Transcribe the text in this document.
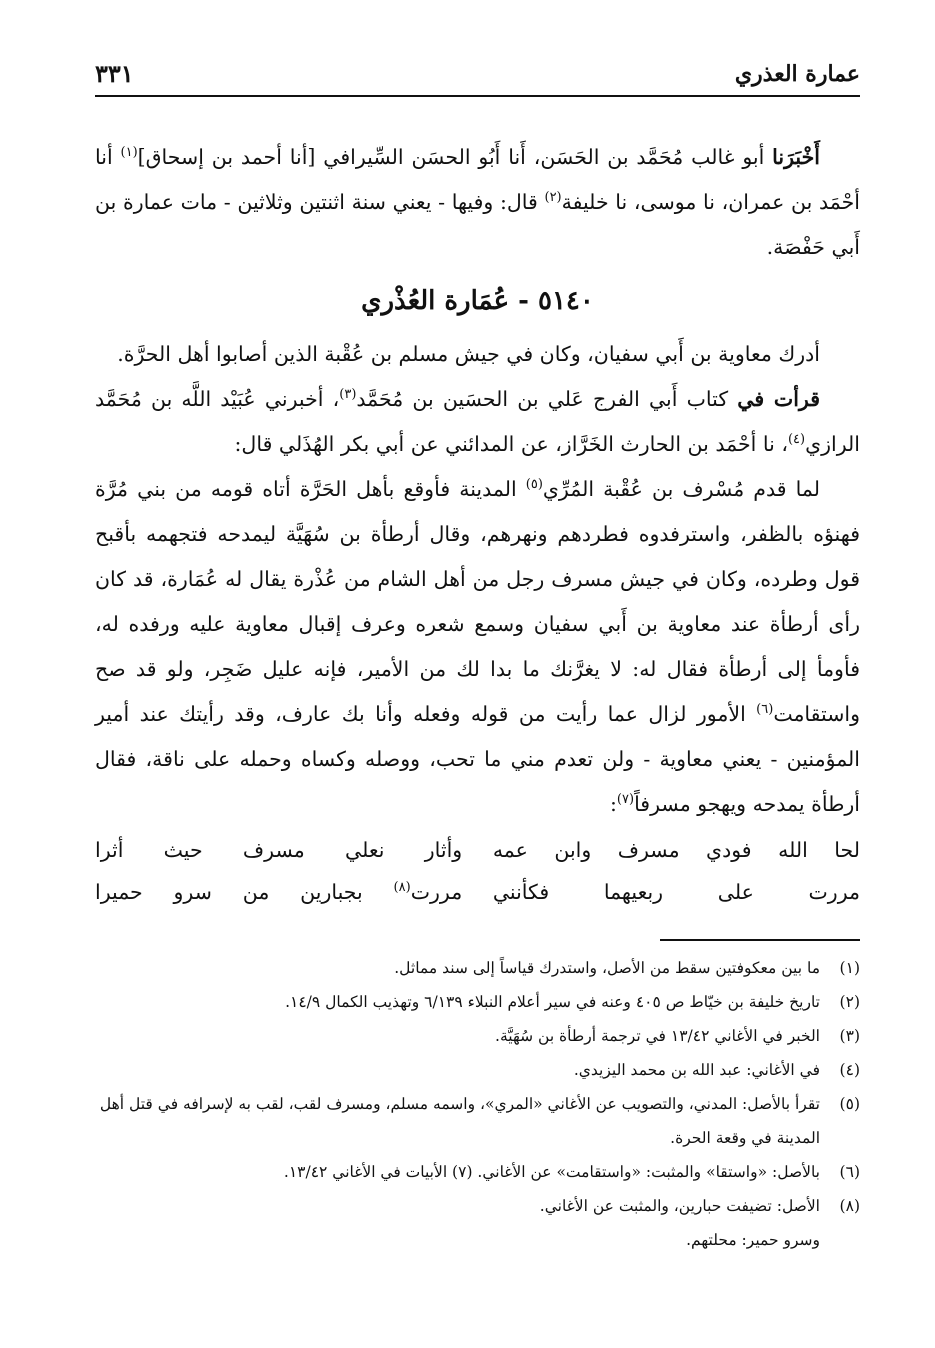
عمارة العذري
٣٣١

أَخْبَرَنا أبو غالب مُحَمَّد بن الحَسَن، أَنا أَبُو الحسَن السِّيرافي [أنا أحمد بن إسحاق]$^{(١)}$ أنا أحْمَد بن عمران، نا موسى، نا خليفة$^{(٢)}$ قال: وفيها - يعني سنة اثنتين وثلاثين - مات عمارة بن أَبي حَفْصَة.

٥١٤٠ - عُمَارة العُذْري

أدرك معاوية بن أَبي سفيان، وكان في جيش مسلم بن عُقْبة الذين أصابوا أهل الحرَّة.

قرأت في كتاب أَبي الفرج عَلي بن الحسَين بن مُحَمَّد$^{(٣)}$، أخبرني عُبَيْد اللَّه بن مُحَمَّد الرازي$^{(٤)}$، نا أحْمَد بن الحارث الخَرَّاز، عن المدائني عن أبي بكر الهُذَلي قال:

لما قدم مُسْرف بن عُقْبة المُرِّي$^{(٥)}$ المدينة فأوقع بأهل الحَرَّة أتاه قومه من بني مُرَّة فهنؤه بالظفر، واسترفدوه فطردهم ونهرهم، وقال أرطأة بن سُهَيَّة ليمدحه فتجهمه بأقبح قول وطرده، وكان في جيش مسرف رجل من أهل الشام من عُذْرة يقال له عُمَارة، قد كان رأى أرطأة عند معاوية بن أَبي سفيان وسمع شعره وعرف إقبال معاوية عليه ورفده له، فأومأ إلى أرطأة فقال له: لا يغرَّنك ما بدا لك من الأمير، فإنه عليل ضَجِر، ولو قد صح واستقامت$^{(٦)}$ الأمور لزال عما رأيت من قوله وفعله وأنا بك عارف، وقد رأيتك عند أمير المؤمنين - يعني معاوية - ولن تعدم مني ما تحب، ووصله وكساه وحمله على ناقة، فقال أرطأة يمدحه ويهجو مسرفاً$^{(٧)}$:

لحا الله فودي مسرف وابن عمه
وأثار نعلي مسرف حيث أثرا
مررت على ربعيهما فكأنني
مررت$^{(٨)}$ بجبارين من سرو حميرا
(١)
ما بين معكوفتين سقط من الأصل، واستدرك قياساً إلى سند مماثل.
(٢)
تاريخ خليفة بن خيّاط ص ٤٠٥ وعنه في سير أعلام النبلاء ٦/١٣٩ وتهذيب الكمال ١٤/٩.
(٣)
الخبر في الأغاني ١٣/٤٢ في ترجمة أرطأة بن سُهَيَّة.
(٤)
في الأغاني: عبد الله بن محمد اليزيدي.
(٥)
تقرأ بالأصل: المدني، والتصويب عن الأغاني «المري»، واسمه مسلم، ومسرف لقب، لقب به لإسرافه في قتل أهل المدينة في وقعة الحرة.
(٦)
بالأصل: «واستقا» والمثبت: «واستقامت» عن الأغاني. (٧) الأبيات في الأغاني ١٣/٤٢.
(٨)
الأصل: تضيفت حبارين، والمثبت عن الأغاني.
وسرو حمير: محلتهم.
